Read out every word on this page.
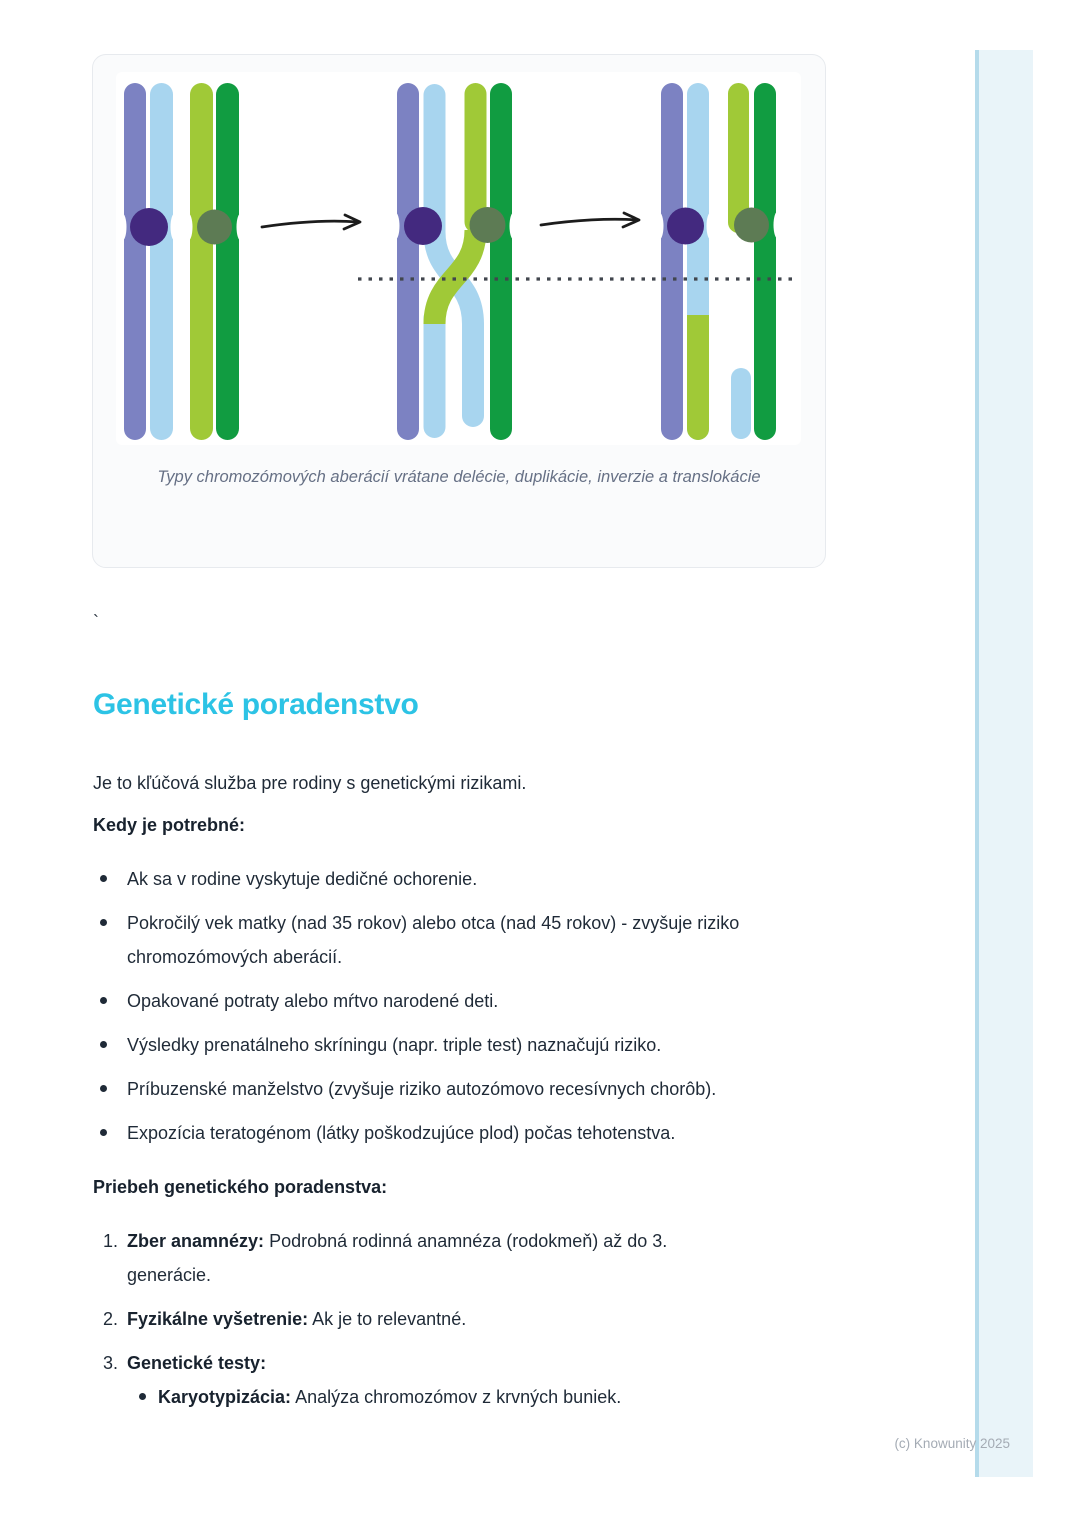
Typy chromozómových aberácií vrátane delécie, duplikácie, inverzie a translokácie
`
Genetické poradenstvo

Je to kľúčová služba pre rodiny s genetickými rizikami.

Kedy je potrebné:

Ak sa v rodine vyskytuje dedičné ochorenie.
Pokročilý vek matky (nad 35 rokov) alebo otca (nad 45 rokov) - zvyšuje riziko chromozómových aberácií.
Opakované potraty alebo mŕtvo narodené deti.
Výsledky prenatálneho skríningu (napr. triple test) naznačujú riziko.
Príbuzenské manželstvo (zvyšuje riziko autozómovo recesívnych chorôb).
Expozícia teratogénom (látky poškodzujúce plod) počas tehotenstva.

Priebeh genetického poradenstva:

1. Zber anamnézy: Podrobná rodinná anamnéza (rodokmeň) až do 3. generácie.
2. Fyzikálne vyšetrenie: Ak je to relevantné.
3. Genetické testy:
Karyotypizácia: Analýza chromozómov z krvných buniek.
(c) Knowunity 2025
